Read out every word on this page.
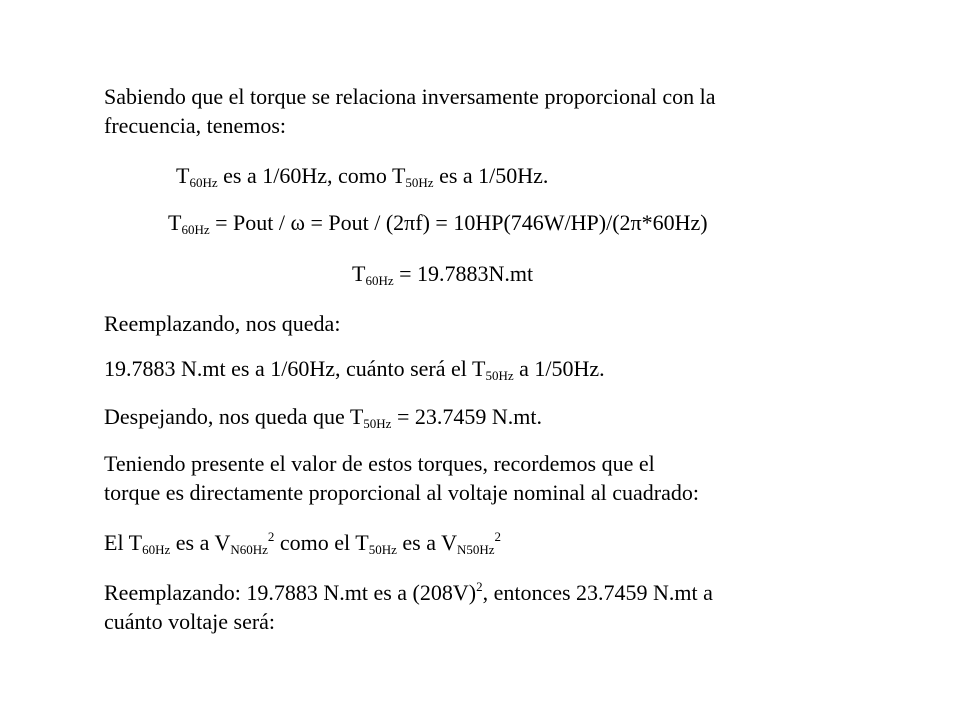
Sabiendo que el torque se relaciona inversamente proporcional con la
frecuencia, tenemos:
$T_{60Hz}$ es a 1/60Hz, como $T_{50Hz}$ es a 1/50Hz.
$T_{60Hz}$ = Pout / ω = Pout / (2πf) = 10HP(746W/HP)/(2π*60Hz)
$T_{60Hz} = 19.7883N.mt$
Reemplazando, nos queda:
19.7883 N.mt es a 1/60Hz, cuánto será el $T_{50Hz}$ a 1/50Hz.
Despejando, nos queda que $T_{50Hz} = 23.7459$ N.mt.
Teniendo presente el valor de estos torques, recordemos que el
torque es directamente proporcional al voltaje nominal al cuadrado:
El $T_{60Hz}$ es a $V_{N60Hz}^2$ como el $T_{50Hz}$ es a $V_{N50Hz}^2$
Reemplazando: 19.7883 N.mt es a $(208V)^2$, entonces 23.7459 N.mt a
cuánto voltaje será:
